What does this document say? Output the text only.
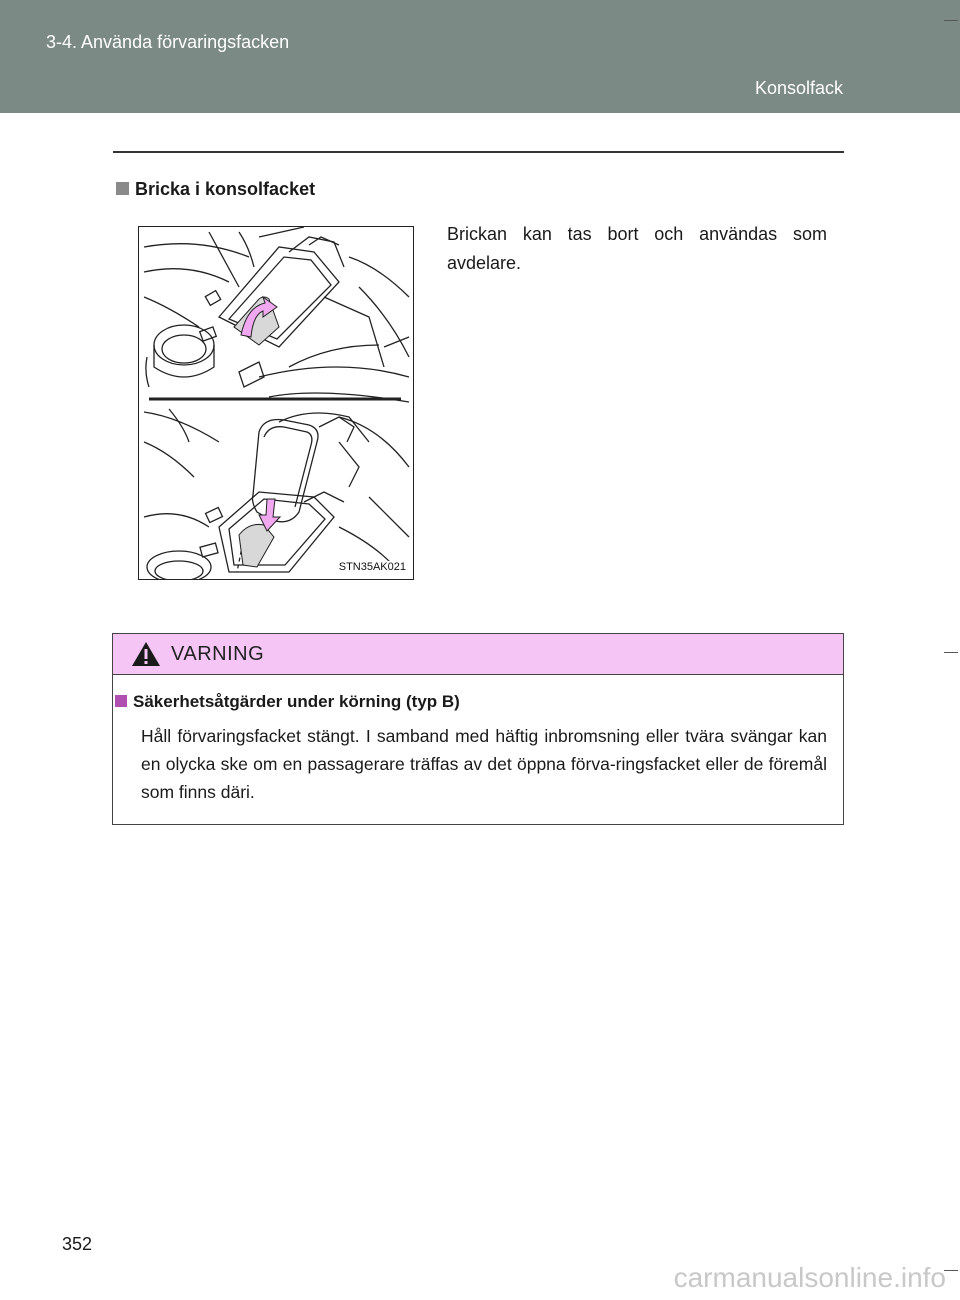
3-4. Använda förvaringsfacken
Konsolfack
Bricka i konsolfacket
STN35AK021
Brickan kan tas bort och användas som avdelare.
VARNING
Säkerhetsåtgärder under körning (typ B)
Håll förvaringsfacket stängt. I samband med häftig inbromsning eller tvära svängar kan en olycka ske om en passagerare träffas av det öppna förva-ringsfacket eller de föremål som finns däri.
352
carmanualsonline.info
